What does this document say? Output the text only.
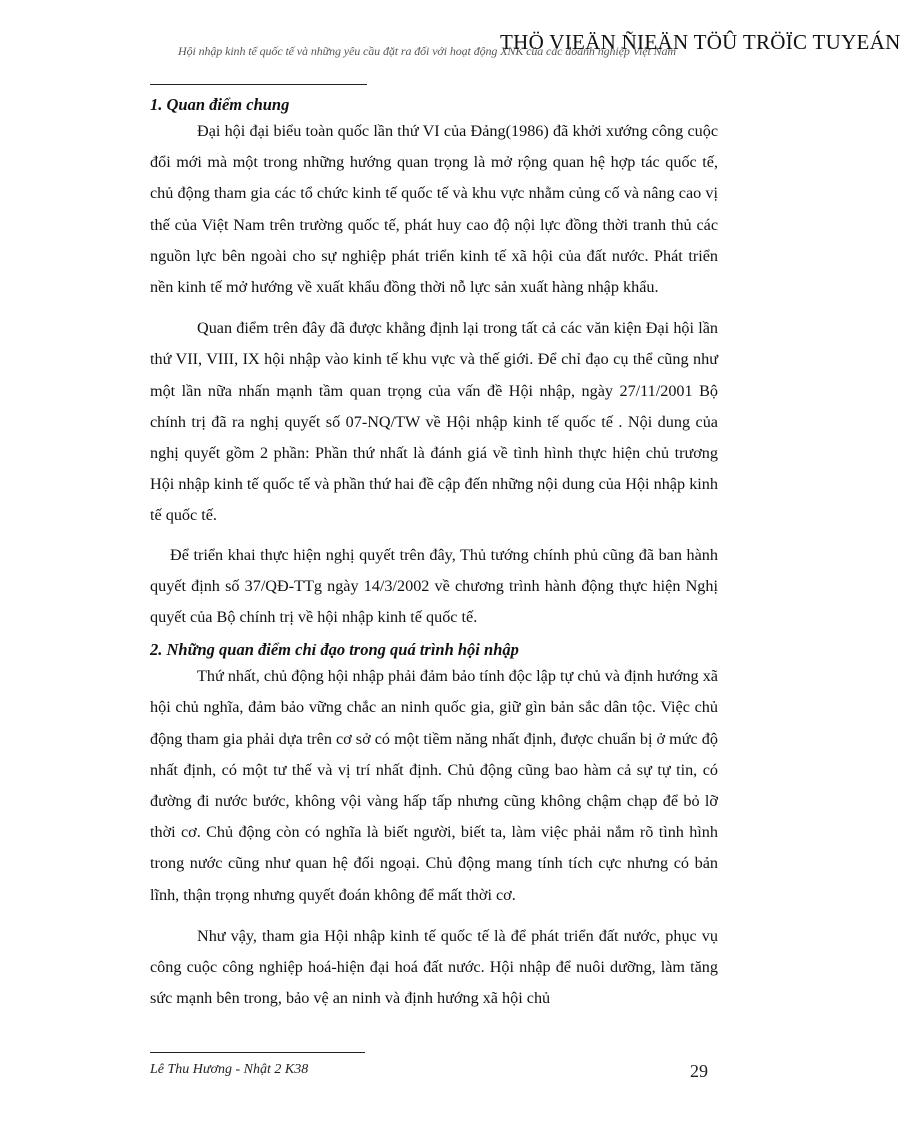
Hội nhập kinh tế quốc tế và những yêu cầu đặt ra đối với hoạt động XNK của các doanh nghiệp Việt Nam
THÖ VIEÄN ÑIEÄN TÖÛ TRÖÏC TUYEÁN
1. Quan điểm chung

Đại hội đại biểu toàn quốc lần thứ VI của Đảng(1986) đã khởi xướng công cuộc đổi mới mà một trong những hướng quan trọng là mở rộng quan hệ hợp tác quốc tế, chủ động tham gia các tổ chức kinh tế quốc tế và khu vực nhằm củng cố và nâng cao vị thế của Việt Nam trên trường quốc tế, phát huy cao độ nội lực đồng thời tranh thủ các nguồn lực bên ngoài cho sự nghiệp phát triển kinh tế xã hội của đất nước. Phát triển nền kinh tế mở hướng về xuất khẩu đồng thời nỗ lực sản xuất hàng nhập khẩu.

Quan điểm trên đây đã được khẳng định lại trong tất cả các văn kiện Đại hội lần thứ VII, VIII, IX hội nhập vào kinh tế khu vực và thế giới. Để chỉ đạo cụ thể cũng như một lần nữa nhấn mạnh tầm quan trọng của vấn đề Hội nhập, ngày 27/11/2001 Bộ chính trị đã ra nghị quyết số 07-NQ/TW về Hội nhập kinh tế quốc tế . Nội dung của nghị quyết gồm 2 phần: Phần thứ nhất là đánh giá về tình hình thực hiện chủ trương Hội nhập kinh tế quốc tế và phần thứ hai đề cập đến những nội dung của Hội nhập kinh tế quốc tế.

Để triển khai thực hiện nghị quyết trên đây, Thủ tướng chính phủ cũng đã ban hành quyết định số 37/QĐ-TTg ngày 14/3/2002 về chương trình hành động thực hiện Nghị quyết của Bộ chính trị về hội nhập kinh tế quốc tế.

2. Những quan điểm chỉ đạo trong quá trình hội nhập

Thứ nhất, chủ động hội nhập phải đảm bảo tính độc lập tự chủ và định hướng xã hội chủ nghĩa, đảm bảo vững chắc an ninh quốc gia, giữ gìn bản sắc dân tộc. Việc chủ động tham gia phải dựa trên cơ sở có một tiềm năng nhất định, được chuẩn bị ở mức độ nhất định, có một tư thế và vị trí nhất định. Chủ động cũng bao hàm cả sự tự tin, có đường đi nước bước, không vội vàng hấp tấp nhưng cũng không chậm chạp để bỏ lỡ thời cơ. Chủ động còn có nghĩa là biết người, biết ta, làm việc phải nắm rõ tình hình trong nước cũng như quan hệ đối ngoại. Chủ động mang tính tích cực nhưng có bản lĩnh, thận trọng nhưng quyết đoán không để mất thời cơ.

Như vậy, tham gia Hội nhập kinh tế quốc tế là để phát triển đất nước, phục vụ công cuộc công nghiệp hoá-hiện đại hoá đất nước. Hội nhập để nuôi dưỡng, làm tăng sức mạnh bên trong, bảo vệ an ninh và định hướng xã hội chủ

Lê Thu Hương - Nhật 2 K38	29
